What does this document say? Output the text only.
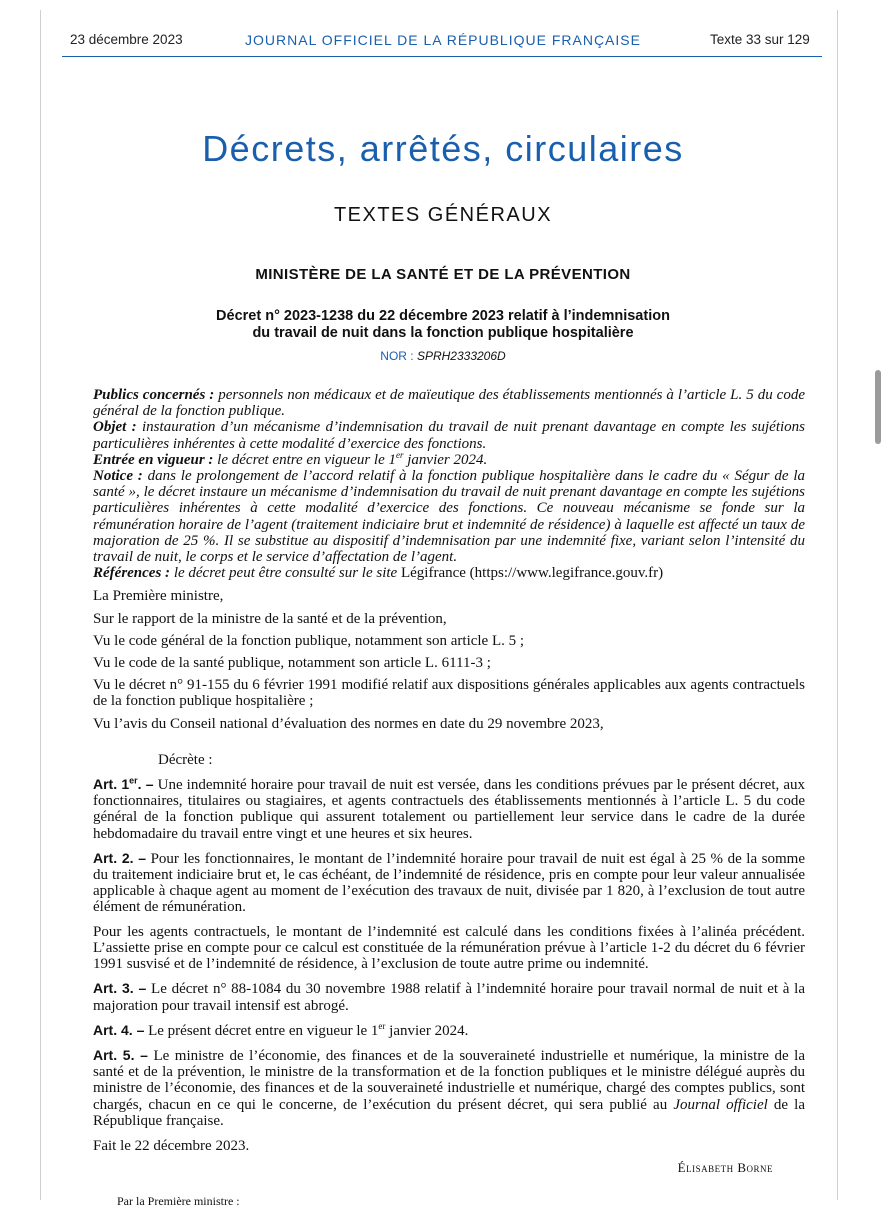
JOURNAL OFFICIEL DE LA RÉPUBLIQUE FRANÇAISE
23 décembre 2023	Texte 33 sur 129
Décrets, arrêtés, circulaires
TEXTES GÉNÉRAUX
MINISTÈRE DE LA SANTÉ ET DE LA PRÉVENTION
Décret n° 2023-1238 du 22 décembre 2023 relatif à l’indemnisation
du travail de nuit dans la fonction publique hospitalière
NOR : SPRH2333206D

Publics concernés : personnels non médicaux et de maïeutique des établissements mentionnés à l’article L. 5 du code général de la fonction publique.

Objet : instauration d’un mécanisme d’indemnisation du travail de nuit prenant davantage en compte les sujétions particulières inhérentes à cette modalité d’exercice des fonctions.

Entrée en vigueur : le décret entre en vigueur le 1er janvier 2024.

Notice : dans le prolongement de l’accord relatif à la fonction publique hospitalière dans le cadre du « Ségur de la santé », le décret instaure un mécanisme d’indemnisation du travail de nuit prenant davantage en compte les sujétions particulières inhérentes à cette modalité d’exercice des fonctions. Ce nouveau mécanisme se fonde sur la rémunération horaire de l’agent (traitement indiciaire brut et indemnité de résidence) à laquelle est affecté un taux de majoration de 25 %. Il se substitue au dispositif d’indemnisation par une indemnité fixe, variant selon l’intensité du travail de nuit, le corps et le service d’affectation de l’agent.

Références : le décret peut être consulté sur le site Légifrance (https://www.legifrance.gouv.fr)

La Première ministre,

Sur le rapport de la ministre de la santé et de la prévention,

Vu le code général de la fonction publique, notamment son article L. 5 ;

Vu le code de la santé publique, notamment son article L. 6111-3 ;

Vu le décret n° 91-155 du 6 février 1991 modifié relatif aux dispositions générales applicables aux agents contractuels de la fonction publique hospitalière ;

Vu l’avis du Conseil national d’évaluation des normes en date du 29 novembre 2023,

Décrète :

Art. 1er. – Une indemnité horaire pour travail de nuit est versée, dans les conditions prévues par le présent décret, aux fonctionnaires, titulaires ou stagiaires, et agents contractuels des établissements mentionnés à l’article L. 5 du code général de la fonction publique qui assurent totalement ou partiellement leur service dans le cadre de la durée hebdomadaire du travail entre vingt et une heures et six heures.

Art. 2. – Pour les fonctionnaires, le montant de l’indemnité horaire pour travail de nuit est égal à 25 % de la somme du traitement indiciaire brut et, le cas échéant, de l’indemnité de résidence, pris en compte pour leur valeur annualisée applicable à chaque agent au moment de l’exécution des travaux de nuit, divisée par 1 820, à l’exclusion de tout autre élément de rémunération.

Pour les agents contractuels, le montant de l’indemnité est calculé dans les conditions fixées à l’alinéa précédent. L’assiette prise en compte pour ce calcul est constituée de la rémunération prévue à l’article 1-2 du décret du 6 février 1991 susvisé et de l’indemnité de résidence, à l’exclusion de toute autre prime ou indemnité.

Art. 3. – Le décret n° 88-1084 du 30 novembre 1988 relatif à l’indemnité horaire pour travail normal de nuit et à la majoration pour travail intensif est abrogé.

Art. 4. – Le présent décret entre en vigueur le 1er janvier 2024.

Art. 5. – Le ministre de l’économie, des finances et de la souveraineté industrielle et numérique, la ministre de la santé et de la prévention, le ministre de la transformation et de la fonction publiques et le ministre délégué auprès du ministre de l’économie, des finances et de la souveraineté industrielle et numérique, chargé des comptes publics, sont chargés, chacun en ce qui le concerne, de l’exécution du présent décret, qui sera publié au Journal officiel de la République française.

Fait le 22 décembre 2023.

Élisabeth Borne

Par la Première ministre :
